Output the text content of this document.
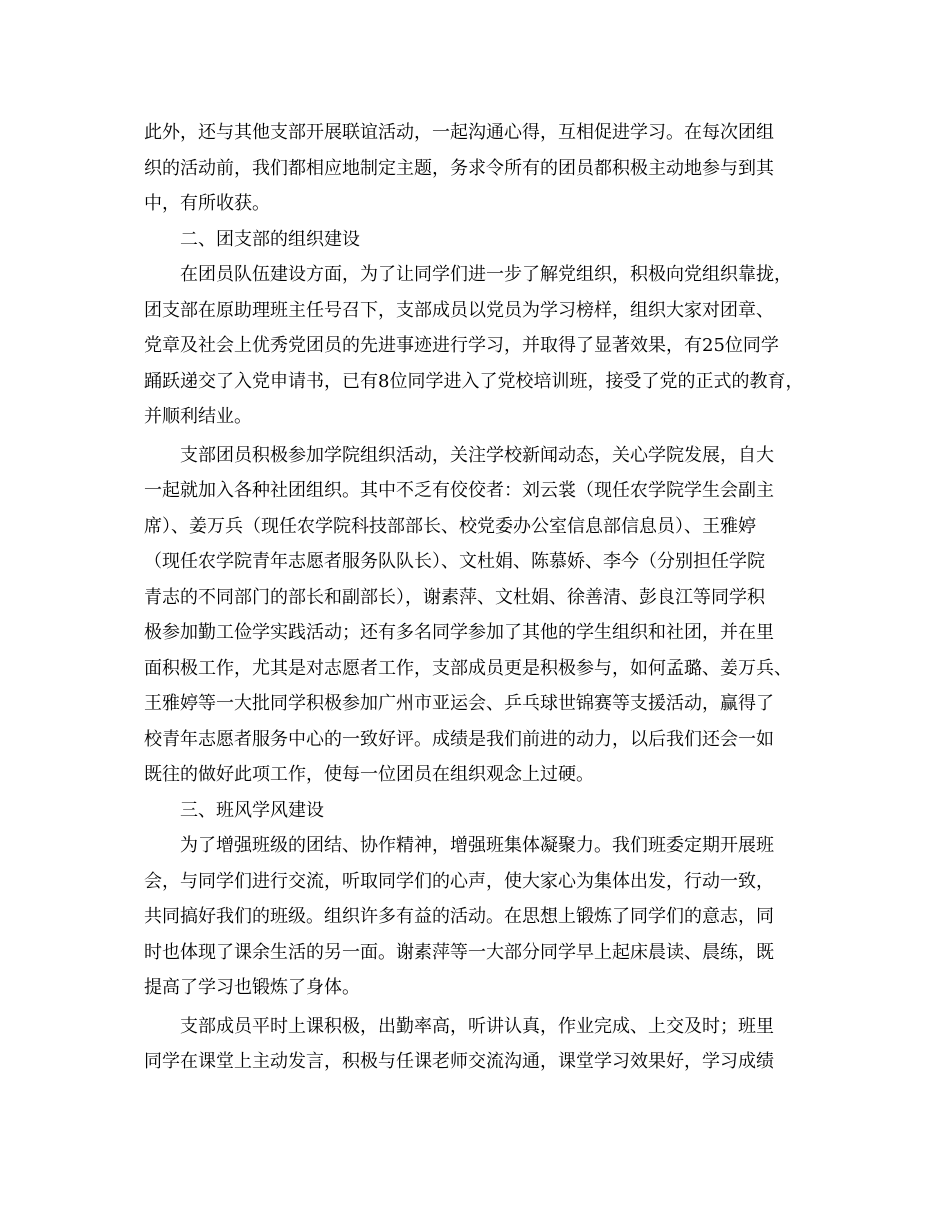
此外，还与其他支部开展联谊活动，一起沟通心得，互相促进学习。在每次团组
织的活动前，我们都相应地制定主题，务求令所有的团员都积极主动地参与到其
中，有所收获。
　　二、团支部的组织建设
　　在团员队伍建设方面，为了让同学们进一步了解党组织，积极向党组织靠拢，
团支部在原助理班主任号召下，支部成员以党员为学习榜样，组织大家对团章、
党章及社会上优秀党团员的先进事迹进行学习，并取得了显著效果，有25位同学
踊跃递交了入党申请书，已有8位同学进入了党校培训班，接受了党的正式的教育，
并顺利结业。
　　支部团员积极参加学院组织活动，关注学校新闻动态，关心学院发展，自大
一起就加入各种社团组织。其中不乏有佼佼者：刘云裳（现任农学院学生会副主
席）、姜万兵（现任农学院科技部部长、校党委办公室信息部信息员）、王雅婷
（现任农学院青年志愿者服务队队长）、文杜娟、陈慕娇、李今（分别担任学院
青志的不同部门的部长和副部长），谢素萍、文杜娟、徐善清、彭良江等同学积
极参加勤工俭学实践活动；还有多名同学参加了其他的学生组织和社团，并在里
面积极工作，尤其是对志愿者工作，支部成员更是积极参与，如何孟璐、姜万兵、
王雅婷等一大批同学积极参加广州市亚运会、乒乓球世锦赛等支援活动，赢得了
校青年志愿者服务中心的一致好评。成绩是我们前进的动力，以后我们还会一如
既往的做好此项工作，使每一位团员在组织观念上过硬。
　　三、班风学风建设
　　为了增强班级的团结、协作精神，增强班集体凝聚力。我们班委定期开展班
会，与同学们进行交流，听取同学们的心声，使大家心为集体出发，行动一致，
共同搞好我们的班级。组织许多有益的活动。在思想上锻炼了同学们的意志，同
时也体现了课余生活的另一面。谢素萍等一大部分同学早上起床晨读、晨练，既
提高了学习也锻炼了身体。
　　支部成员平时上课积极，出勤率高，听讲认真，作业完成、上交及时；班里
同学在课堂上主动发言，积极与任课老师交流沟通，课堂学习效果好，学习成绩
